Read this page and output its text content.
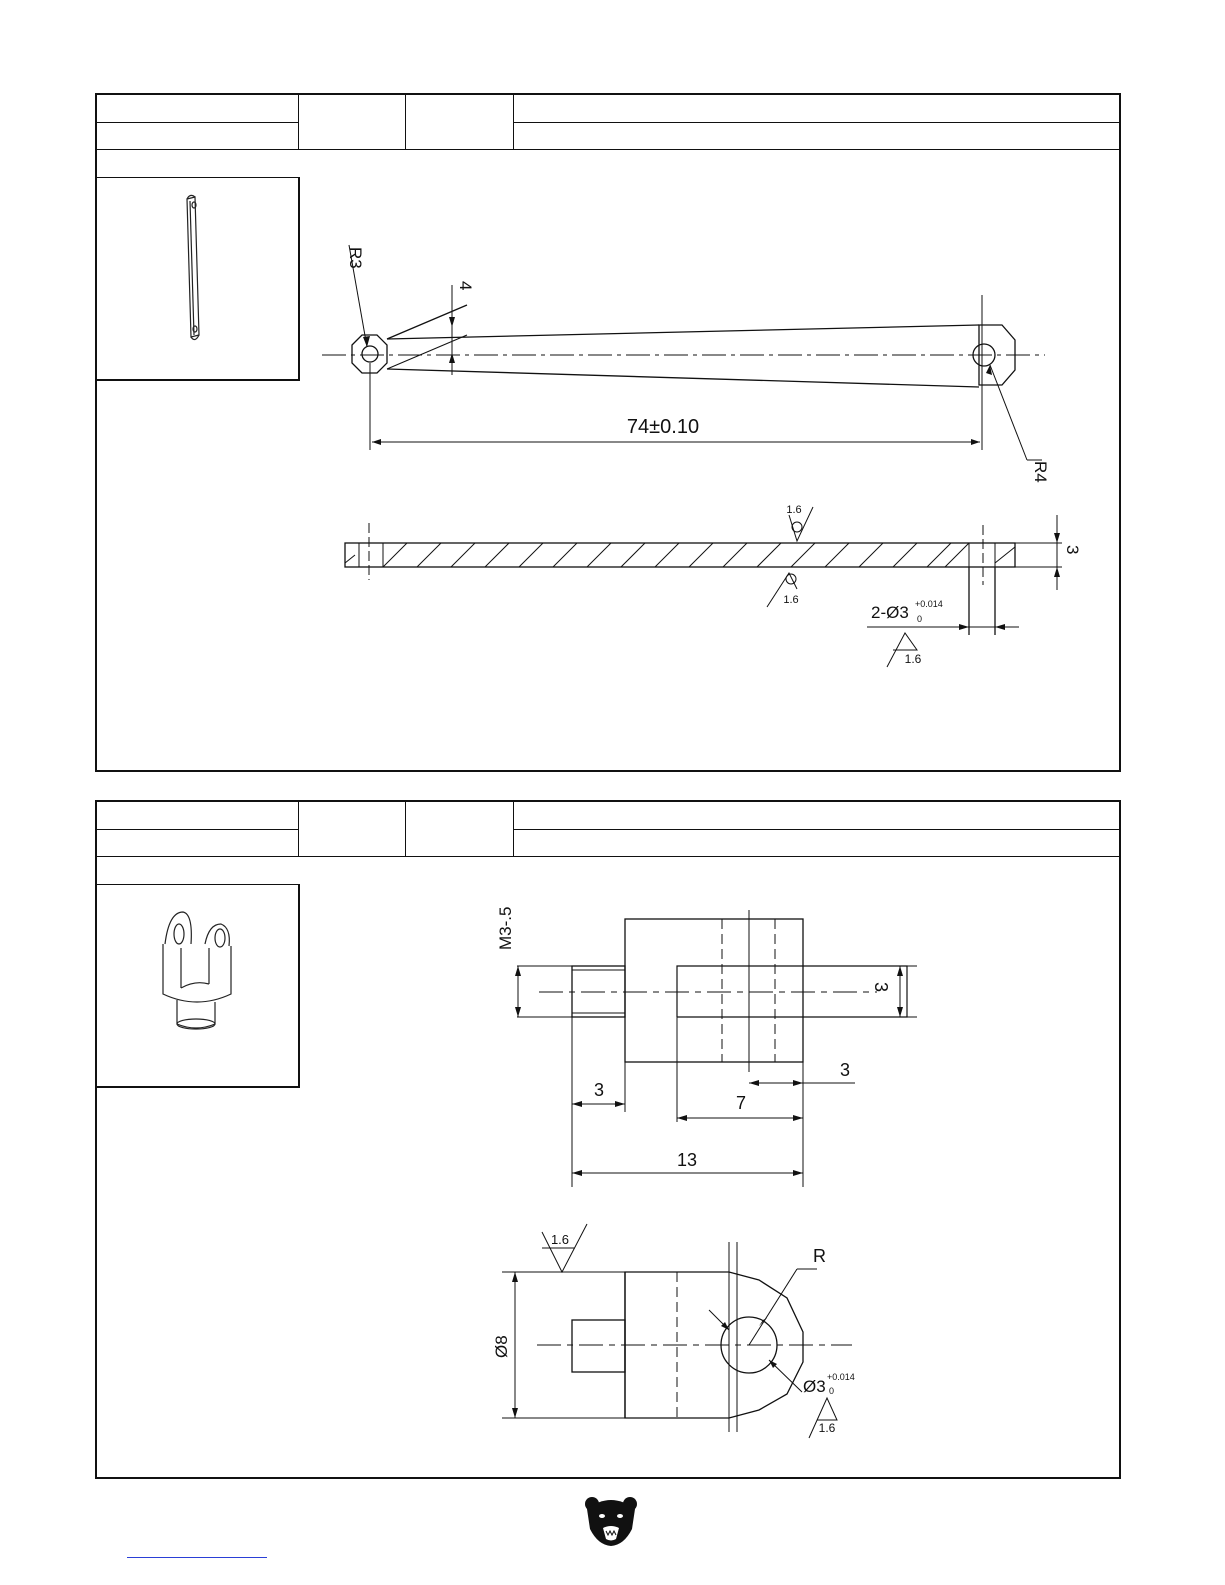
74±0.10
R3
R4
4
3
1.6
1.6
1.6
2-Ø3 +0.014
0
M3-.5
3
3
7
3
13
Ø8
R
1.6
Ø3 +0.014
0
1.6
